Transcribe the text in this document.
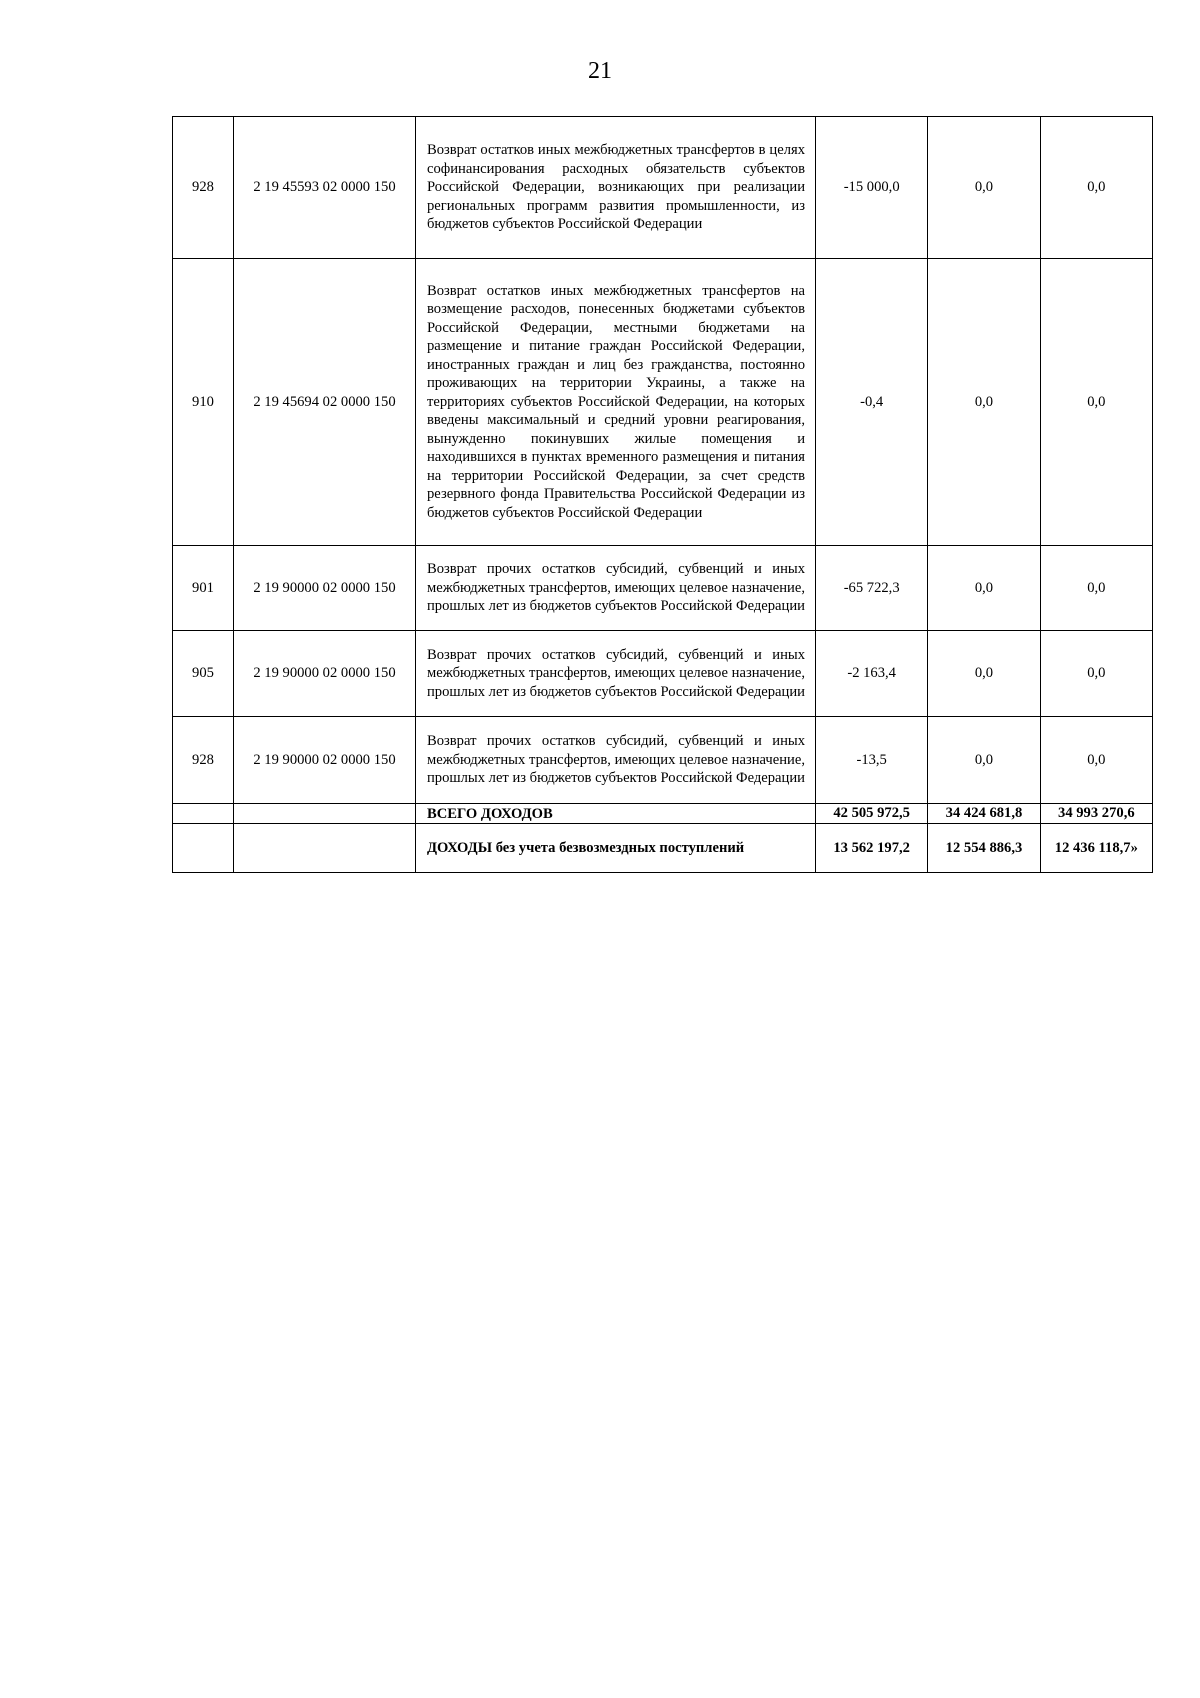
21
928	2 19 45593 02 0000 150	Возврат остатков иных межбюджетных трансфертов в целях софинансирования расходных обязательств субъектов Российской Федерации, возникающих при реализации региональных программ развития промышленности, из бюджетов субъектов Российской Федерации	-15 000,0	0,0	0,0
910	2 19 45694 02 0000 150	Возврат остатков иных межбюджетных трансфертов на возмещение расходов, понесенных бюджетами субъектов Российской Федерации, местными бюджетами на размещение и питание граждан Российской Федерации, иностранных граждан и лиц без гражданства, постоянно проживающих на территории Украины, а также на территориях субъектов Российской Федерации, на которых введены максимальный и средний уровни реагирования, вынужденно покинувших жилые помещения и находившихся в пунктах временного размещения и питания на территории Российской Федерации, за счет средств резервного фонда Правительства Российской Федерации из бюджетов субъектов Российской Федерации	-0,4	0,0	0,0
901	2 19 90000 02 0000 150	Возврат прочих остатков субсидий, субвенций и иных межбюджетных трансфертов, имеющих целевое назначение, прошлых лет из бюджетов субъектов Российской Федерации	-65 722,3	0,0	0,0
905	2 19 90000 02 0000 150	Возврат прочих остатков субсидий, субвенций и иных межбюджетных трансфертов, имеющих целевое назначение, прошлых лет из бюджетов субъектов Российской Федерации	-2 163,4	0,0	0,0
928	2 19 90000 02 0000 150	Возврат прочих остатков субсидий, субвенций и иных межбюджетных трансфертов, имеющих целевое назначение, прошлых лет из бюджетов субъектов Российской Федерации	-13,5	0,0	0,0
		ВСЕГО ДОХОДОВ	42 505 972,5	34 424 681,8	34 993 270,6
		ДОХОДЫ без учета безвозмездных поступлений	13 562 197,2	12 554 886,3	12 436 118,7»
